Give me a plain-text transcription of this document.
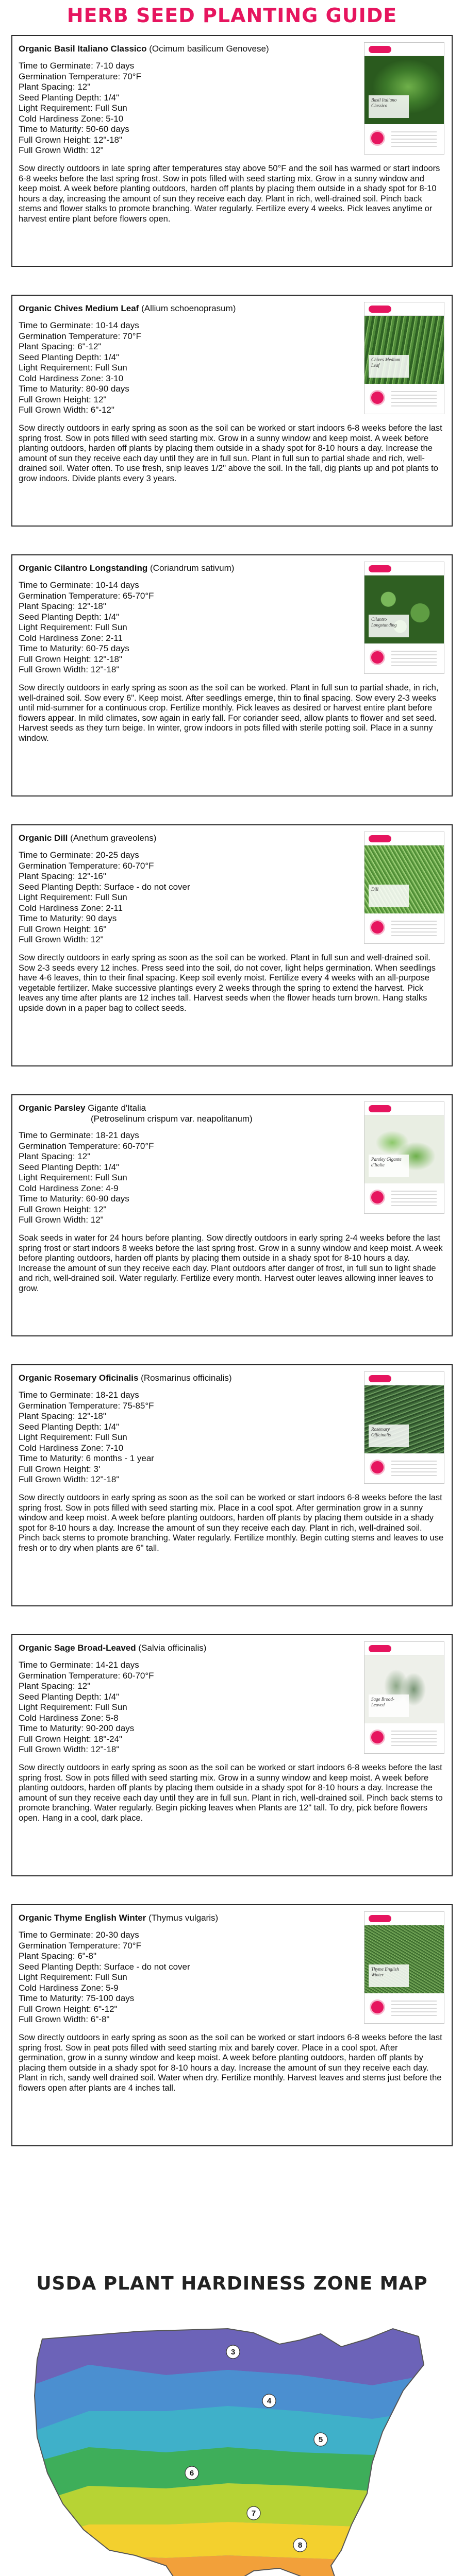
HERB SEED PLANTING GUIDE
Organic Basil Italiano Classico (Ocimum basilicum Genovese)
Time to Germinate: 7-10 days
Germination Temperature: 70°F
Plant Spacing: 12"
Seed Planting Depth: 1/4"
Light Requirement: Full Sun
Cold Hardiness Zone: 5-10
Time to Maturity: 50-60 days
Full Grown Height: 12"-18"
Full Grown Width: 12"
Basil Italiano Classico
Sow directly outdoors in late spring after temperatures stay above 50°F and the soil has warmed or start indoors 6-8 weeks before the last spring frost. Sow in pots filled with seed starting mix. Grow in a sunny window and keep moist. A week before planting outdoors, harden off plants by placing them outside in a shady spot for 8-10 hours a day, increasing the amount of sun they receive each day. Plant in rich, well-drained soil. Pinch back stems and flower stalks to promote branching. Water regularly. Fertilize every 4 weeks. Pick leaves anytime or harvest entire plant before flowers open.
Organic Chives Medium Leaf (Allium schoenoprasum)
Time to Germinate: 10-14 days
Germination Temperature: 70°F
Plant Spacing: 6"-12"
Seed Planting Depth: 1/4"
Light Requirement: Full Sun
Cold Hardiness Zone: 3-10
Time to Maturity: 80-90 days
Full Grown Height: 12"
Full Grown Width: 6"-12"
Chives Medium Leaf
Sow directly outdoors in early spring as soon as the soil can be worked or start indoors 6-8 weeks before the last spring frost. Sow in pots filled with seed starting mix. Grow in a sunny window and keep moist. A week before planting outdoors, harden off plants by placing them outside in a shady spot for 8-10 hours a day. Increase the amount of sun they receive each day until they are in full sun. Plant in full sun to partial shade and rich, well-drained soil. Water often. To use fresh, snip leaves 1/2" above the soil. In the fall, dig plants up and pot plants to grow indoors. Divide plants every 3 years.
Organic Cilantro Longstanding (Coriandrum sativum)
Time to Germinate: 10-14 days
Germination Temperature: 65-70°F
Plant Spacing: 12"-18"
Seed Planting Depth: 1/4"
Light Requirement: Full Sun
Cold Hardiness Zone: 2-11
Time to Maturity: 60-75 days
Full Grown Height: 12"-18"
Full Grown Width: 12"-18"
Cilantro Longstanding
Sow directly outdoors in early spring as soon as the soil can be worked. Plant in full sun to partial shade, in rich, well-drained soil. Sow every 6". Keep moist. After seedlings emerge, thin to final spacing. Sow every 2-3 weeks until mid-summer for a continuous crop. Fertilize monthly. Pick leaves as desired or harvest entire plant before flowers appear. In mild climates, sow again in early fall. For coriander seed, allow plants to flower and set seed. Harvest seeds as they turn beige. In winter, grow indoors in pots filled with sterile potting soil. Place in a sunny window.
Organic Dill (Anethum graveolens)
Time to Germinate: 20-25 days
Germination Temperature: 60-70°F
Plant Spacing: 12"-16"
Seed Planting Depth: Surface - do not cover
Light Requirement: Full Sun
Cold Hardiness Zone: 2-11
Time to Maturity: 90 days
Full Grown Height: 16"
Full Grown Width: 12"
Dill
Sow directly outdoors in early spring as soon as the soil can be worked. Plant in full sun and well-drained soil. Sow 2-3 seeds every 12 inches. Press seed into the soil, do not cover, light helps germination. When seedlings have 4-6 leaves, thin to their final spacing. Keep soil evenly moist. Fertilize every 4 weeks with an all-purpose vegetable fertilizer. Make successive plantings every 2 weeks through the spring to extend the harvest. Pick leaves any time after plants are 12 inches tall. Harvest seeds when the flower heads turn brown. Hang stalks upside down in a paper bag to collect seeds.
Organic Parsley Gigante d'Italia
(Petroselinum crispum var. neapolitanum)
Time to Germinate: 18-21 days
Germination Temperature: 60-70°F
Plant Spacing: 12"
Seed Planting Depth: 1/4"
Light Requirement: Full Sun
Cold Hardiness Zone: 4-9
Time to Maturity: 60-90 days
Full Grown Height: 12"
Full Grown Width: 12"
Parsley Gigante d'Italia
Soak seeds in water for 24 hours before planting. Sow directly outdoors in early spring 2-4 weeks before the last spring frost or start indoors 8 weeks before the last spring frost. Grow in a sunny window and keep moist. A week before planting outdoors, harden off plants by placing them outside in a shady spot for 8-10 hours a day. Increase the amount of sun they receive each day. Plant outdoors after danger of frost, in full sun to light shade and rich, well-drained soil. Water regularly. Fertilize every month. Harvest outer leaves allowing inner leaves to grow.
Organic Rosemary Oficinalis (Rosmarinus officinalis)
Time to Germinate: 18-21 days
Germination Temperature: 75-85°F
Plant Spacing: 12"-18"
Seed Planting Depth: 1/4"
Light Requirement: Full Sun
Cold Hardiness Zone: 7-10
Time to Maturity: 6 months - 1 year
Full Grown Height: 3'
Full Grown Width: 12"-18"
Rosemary Officinalis
Sow directly outdoors in early spring as soon as the soil can be worked or start indoors 6-8 weeks before the last spring frost. Sow in pots filled with seed starting mix. Place in a cool spot. After germination grow in a sunny window and keep moist. A week before planting outdoors, harden off plants by placing them outside in a shady spot for 8-10 hours a day. Increase the amount of sun they receive each day. Plant in rich, well-drained soil. Pinch back stems to promote branching. Water regularly. Fertilize monthly. Begin cutting stems and leaves to use fresh or to dry when plants are 6" tall.
Organic Sage Broad-Leaved (Salvia officinalis)
Time to Germinate: 14-21 days
Germination Temperature: 60-70°F
Plant Spacing: 12"
Seed Planting Depth: 1/4"
Light Requirement: Full Sun
Cold Hardiness Zone: 5-8
Time to Maturity: 90-200 days
Full Grown Height: 18"-24"
Full Grown Width: 12"-18"
Sage Broad-Leaved
Sow directly outdoors in early spring as soon as the soil can be worked or start indoors 6-8 weeks before the last spring frost. Sow in pots filled with seed starting mix. Grow in a sunny window and keep moist. A week before planting outdoors, harden off plants by placing them outside in a shady spot for 8-10 hours a day. Increase the amount of sun they receive each day until they are in full sun. Plant in rich, well-drained soil. Pinch back stems to promote branching. Water regularly. Begin picking leaves when Plants are 12" tall. To dry, pick before flowers open. Hang in a cool, dark place.
Organic Thyme English Winter (Thymus vulgaris)
Time to Germinate: 20-30 days
Germination Temperature: 70°F
Plant Spacing: 6"-8"
Seed Planting Depth: Surface - do not cover
Light Requirement: Full Sun
Cold Hardiness Zone: 5-9
Time to Maturity: 75-100 days
Full Grown Height: 6"-12"
Full Grown Width: 6"-8"
Thyme English Winter
Sow directly outdoors in early spring as soon as the soil can be worked or start indoors 6-8 weeks before the last spring frost. Sow in peat pots filled with seed starting mix and barely cover. Place in a cool spot. After germination, grow in a sunny window and keep moist. A week before planting outdoors, harden off plants by placing them outside in a shady spot for 8-10 hours a day. Increase the amount of sun they receive each day. Plant in rich, sandy well drained soil. Water when dry. Fertilize monthly. Harvest leaves and stems just before the flowers open after plants are 4 inches tall.
USDA PLANT HARDINESS ZONE MAP
3
4
5
6
7
8
